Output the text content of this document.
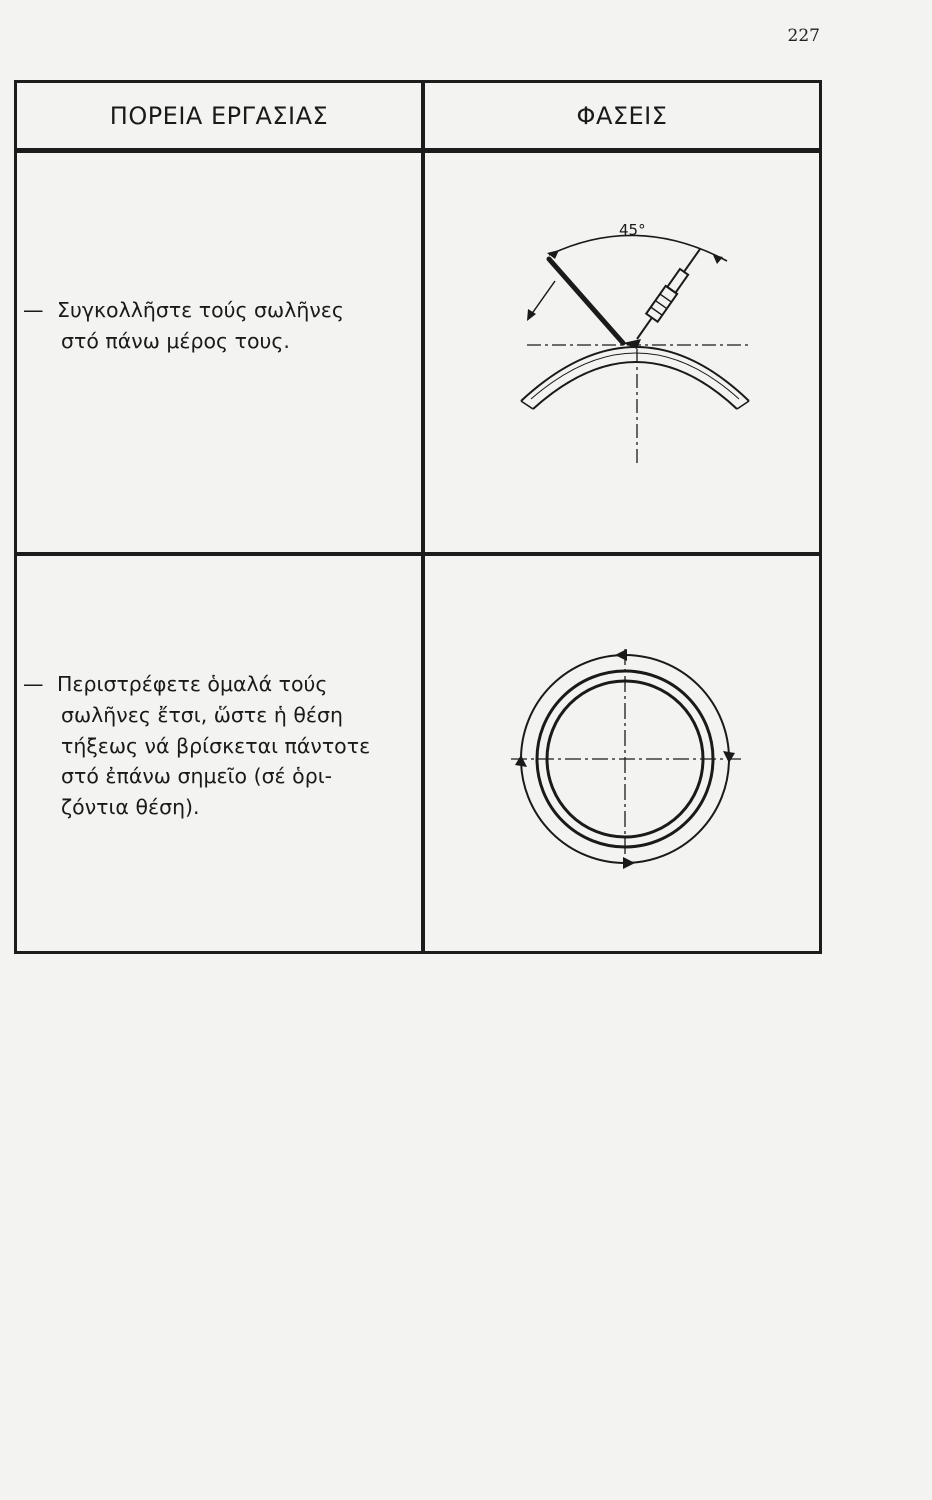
227
ΠΟΡΕΙΑ ΕΡΓΑΣΙΑΣ	ΦΑΣΕΙΣ
— Συγκολλῆστε τούς σωλῆνες
στό πάνω μέρος τους.
45°
— Περιστρέφετε ὁμαλά τούς
σωλῆνες ἔτσι, ὥστε ἡ θέση
τήξεως νά βρίσκεται πάντοτε
στό ἐπάνω σημεῖο (σέ ὁρι-
ζόντια θέση).
